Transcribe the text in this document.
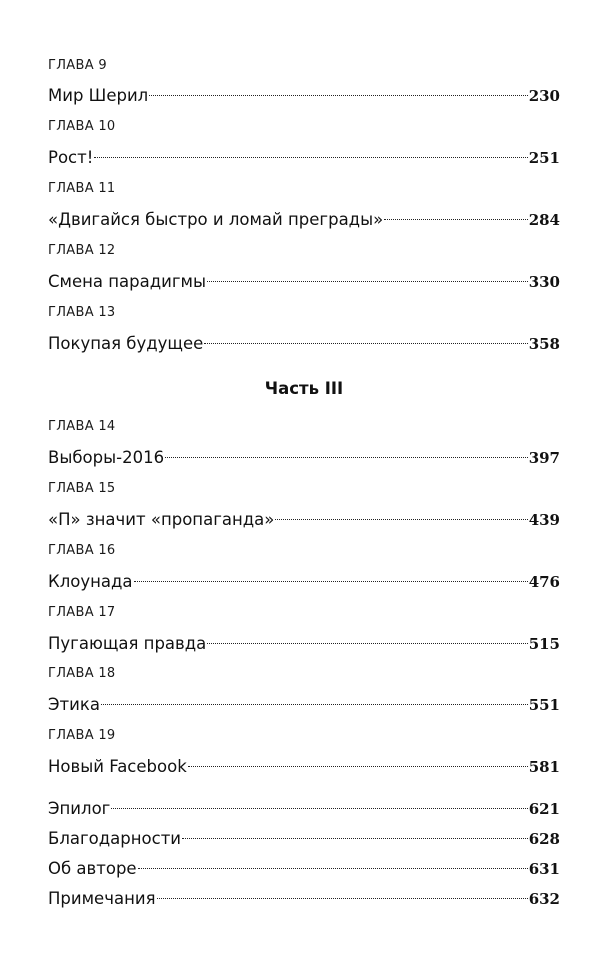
ГЛАВА 9
Мир Шерил	230
ГЛАВА 10
Рост!	251
ГЛАВА 11
«Двигайся быстро и ломай преграды»	284
ГЛАВА 12
Смена парадигмы	330
ГЛАВА 13
Покупая будущее	358
Часть III
ГЛАВА 14
Выборы-2016	397
ГЛАВА 15
«П» значит «пропаганда»	439
ГЛАВА 16
Клоунада	476
ГЛАВА 17
Пугающая правда	515
ГЛАВА 18
Этика	551
ГЛАВА 19
Новый Facebook	581
Эпилог	621
Благодарности	628
Об авторе	631
Примечания	632
